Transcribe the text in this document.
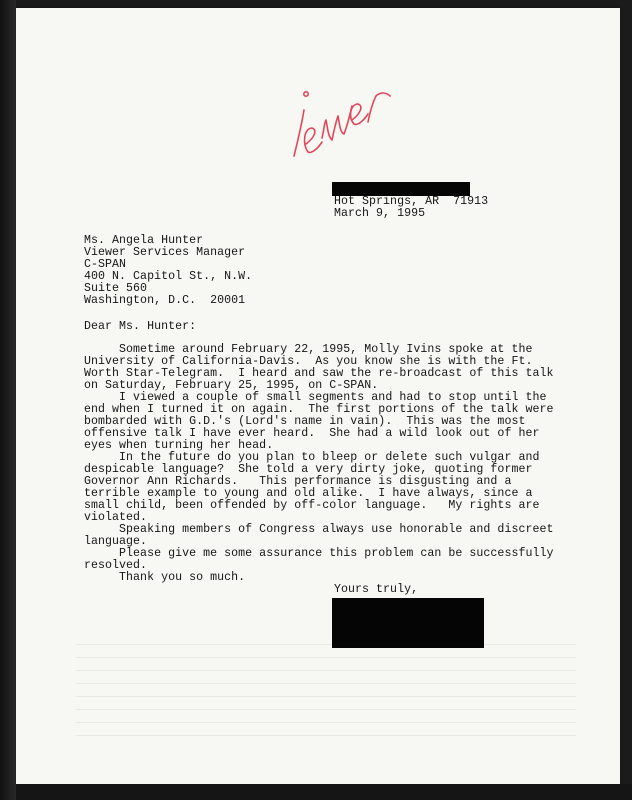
Hot Springs, AR  71913
March 9, 1995
Ms. Angela Hunter
Viewer Services Manager
C-SPAN
400 N. Capitol St., N.W.
Suite 560
Washington, D.C.  20001
Dear Ms. Hunter:
Sometime around February 22, 1995, Molly Ivins spoke at the
University of California-Davis.  As you know she is with the Ft.
Worth Star-Telegram.  I heard and saw the re-broadcast of this talk
on Saturday, February 25, 1995, on C-SPAN.
I viewed a couple of small segments and had to stop until the
end when I turned it on again.  The first portions of the talk were
bombarded with G.D.'s (Lord's name in vain).  This was the most
offensive talk I have ever heard.  She had a wild look out of her
eyes when turning her head.
In the future do you plan to bleep or delete such vulgar and
despicable language?  She told a very dirty joke, quoting former
Governor Ann Richards.   This performance is disgusting and a
terrible example to young and old alike.  I have always, since a
small child, been offended by off-color language.   My rights are
violated.
Speaking members of Congress always use honorable and discreet
language.
Please give me some assurance this problem can be successfully
resolved.
Thank you so much.
Yours truly,
